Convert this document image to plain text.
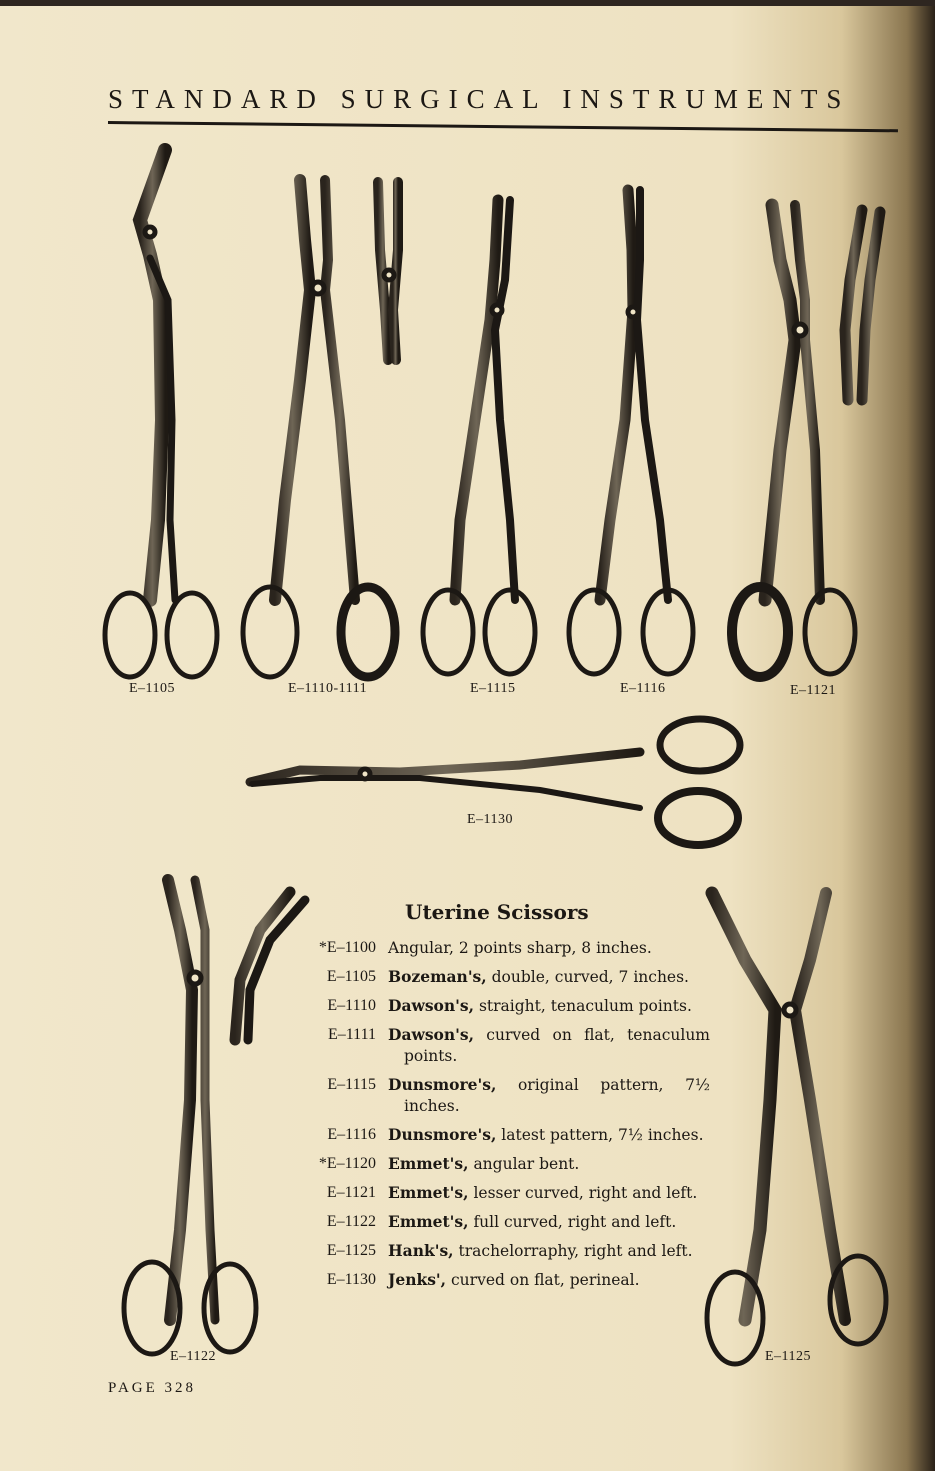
STANDARD SURGICAL INSTRUMENTS
E–1105	E–1110-1111	E–1115	E–1116	E–1121
E–1130
E–1122	E–1125
Uterine Scissors
*E–1100 Angular, 2 points sharp, 8 inches.
E–1105 Bozeman's, double, curved, 7 inches.
E–1110 Dawson's, straight, tenaculum points.
E–1111 Dawson's, curved on flat, tenaculum points.
E–1115 Dunsmore's, original pattern, 7½ inches.
E–1116 Dunsmore's, latest pattern, 7½ inches.
*E–1120 Emmet's, angular bent.
E–1121 Emmet's, lesser curved, right and left.
E–1122 Emmet's, full curved, right and left.
E–1125 Hank's, trachelorraphy, right and left.
E–1130 Jenks', curved on flat, perineal.
PAGE 328
